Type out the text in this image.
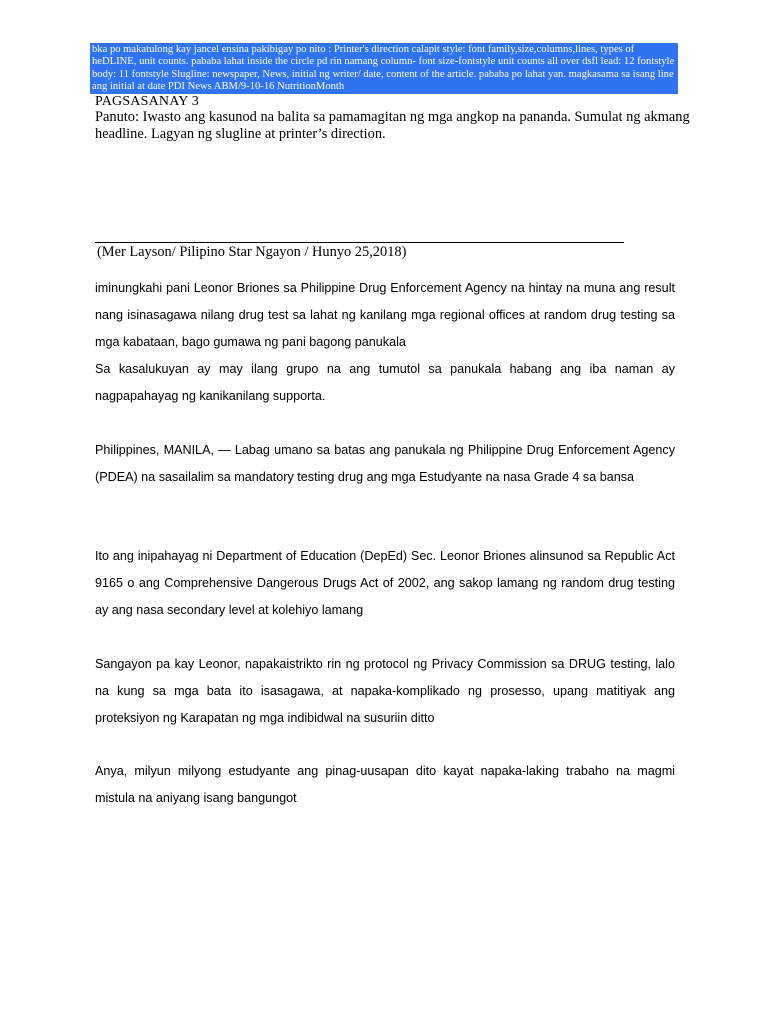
bka po makatulong kay jancel ensina pakibigay po nito : Printer's direction calapit style: font family,size,columns,lines, types of heDLINE, unit counts. pababa lahat inside the circle pd rin namang column- font size-fontstyle unit counts all over dsfl lead: 12 fontstyle body: 11 fontstyle Slugline: newspaper, News, initial ng writer/ date, content of the article. pababa po lahat yan. magkasama sa isang line ang initial at date PDI News ABM/9-10-16 NutritionMonth
PAGSASANAY 3
Panuto: Iwasto ang kasunod na balita sa pamamagitan ng mga angkop na pananda. Sumulat ng akmang headline. Lagyan ng slugline at printer’s direction.
(Mer Layson/ Pilipino Star Ngayon / Hunyo 25,2018)

iminungkahi pani Leonor Briones sa Philippine Drug Enforcement Agency na hintay na muna ang result nang isinasagawa nilang drug test sa lahat ng kanilang mga regional offices at random drug testing sa mga kabataan, bago gumawa ng pani bagong panukala

Sa kasalukuyan ay may ilang grupo na ang tumutol sa panukala habang ang iba naman ay nagpapahayag ng kanikanilang supporta.

Philippines, MANILA, — Labag umano sa batas ang panukala ng Philippine Drug Enforcement Agency (PDEA) na sasailalim sa mandatory testing drug ang mga Estudyante na nasa Grade 4 sa bansa

Ito ang inipahayag ni Department of Education (DepEd) Sec. Leonor Briones alinsunod sa Republic Act 9165 o ang Comprehensive Dangerous Drugs Act of 2002, ang sakop lamang ng random drug testing ay ang nasa secondary level at kolehiyo lamang

Sangayon pa kay Leonor, napakaistrikto rin ng protocol ng Privacy Commission sa DRUG testing, lalo na kung sa mga bata ito isasagawa, at napaka-komplikado ng prosesso, upang matitiyak ang proteksiyon ng Karapatan ng mga indibidwal na susuriin ditto

Anya, milyun milyong estudyante ang pinag-uusapan dito kayat napaka-laking trabaho na magmi mistula na aniyang isang bangungot
